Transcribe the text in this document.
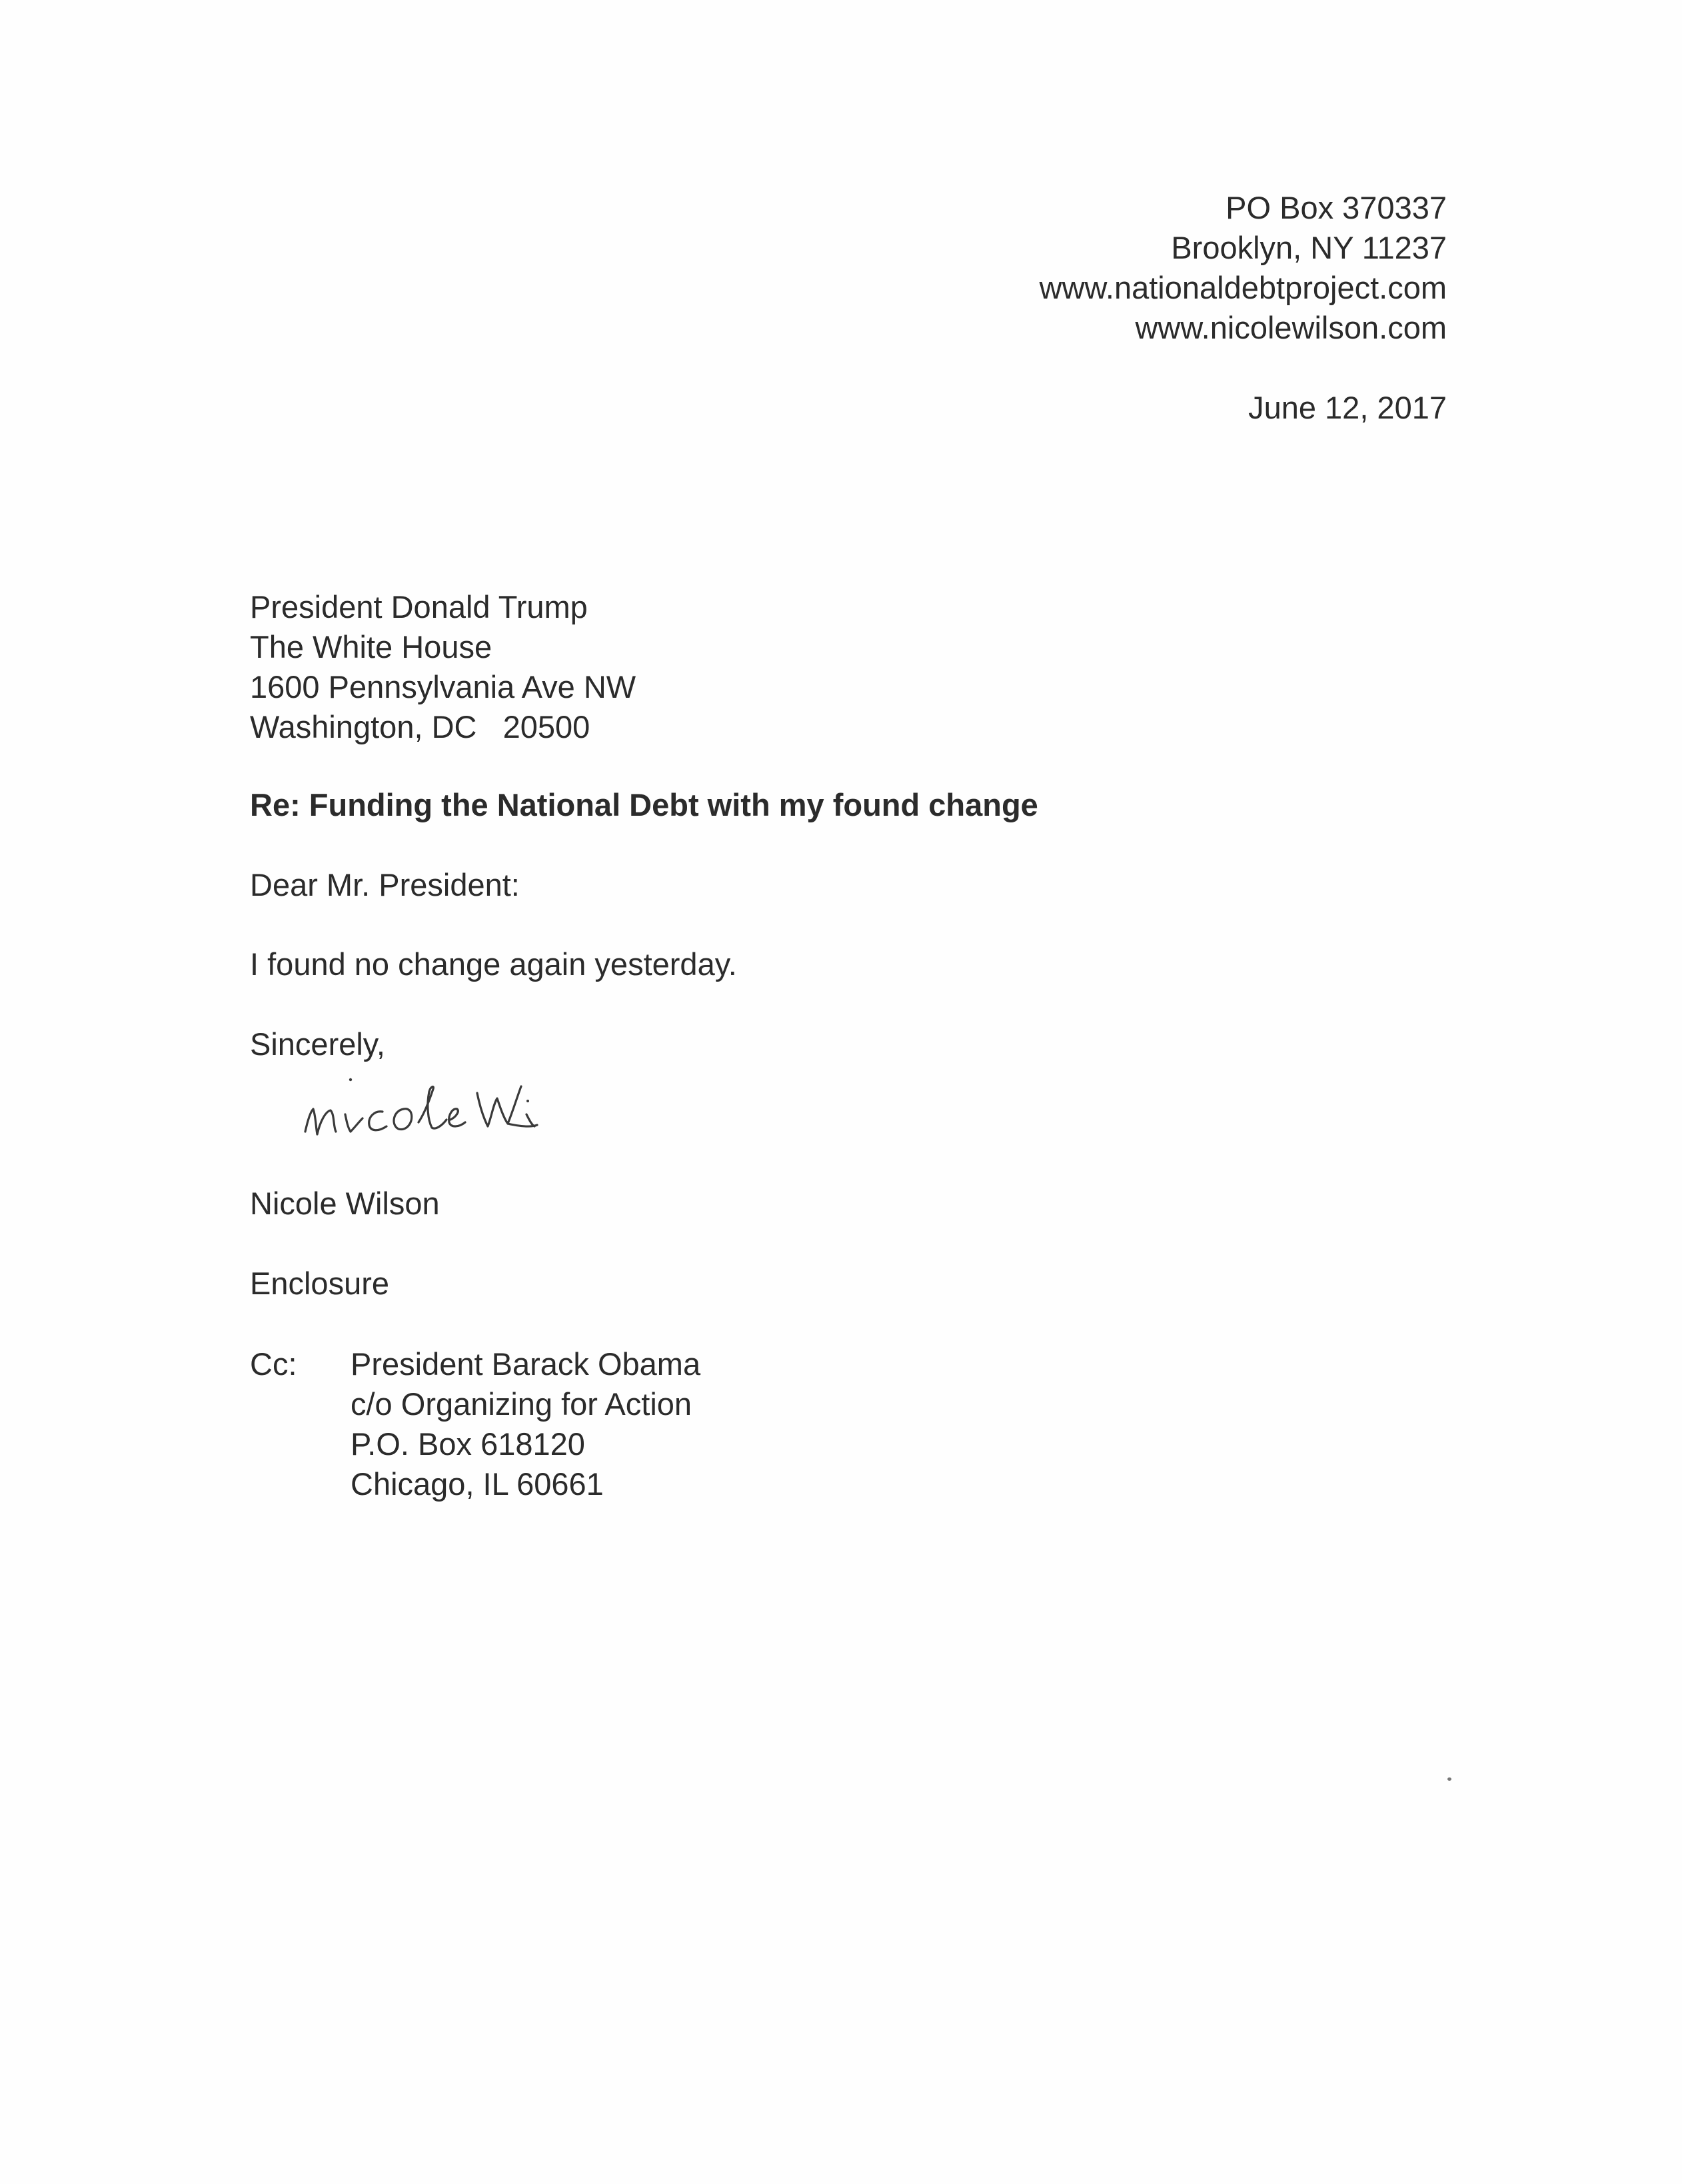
PO Box 370337
Brooklyn, NY 11237
www.nationaldebtproject.com
www.nicolewilson.com
June 12, 2017
President Donald Trump
The White House
1600 Pennsylvania Ave NW
Washington, DC   20500
Re: Funding the National Debt with my found change
Dear Mr. President:
I found no change again yesterday.
Sincerely,
Nicole Wilson
Enclosure
Cc: President Barack Obama
c/o Organizing for Action
P.O. Box 618120
Chicago, IL 60661
